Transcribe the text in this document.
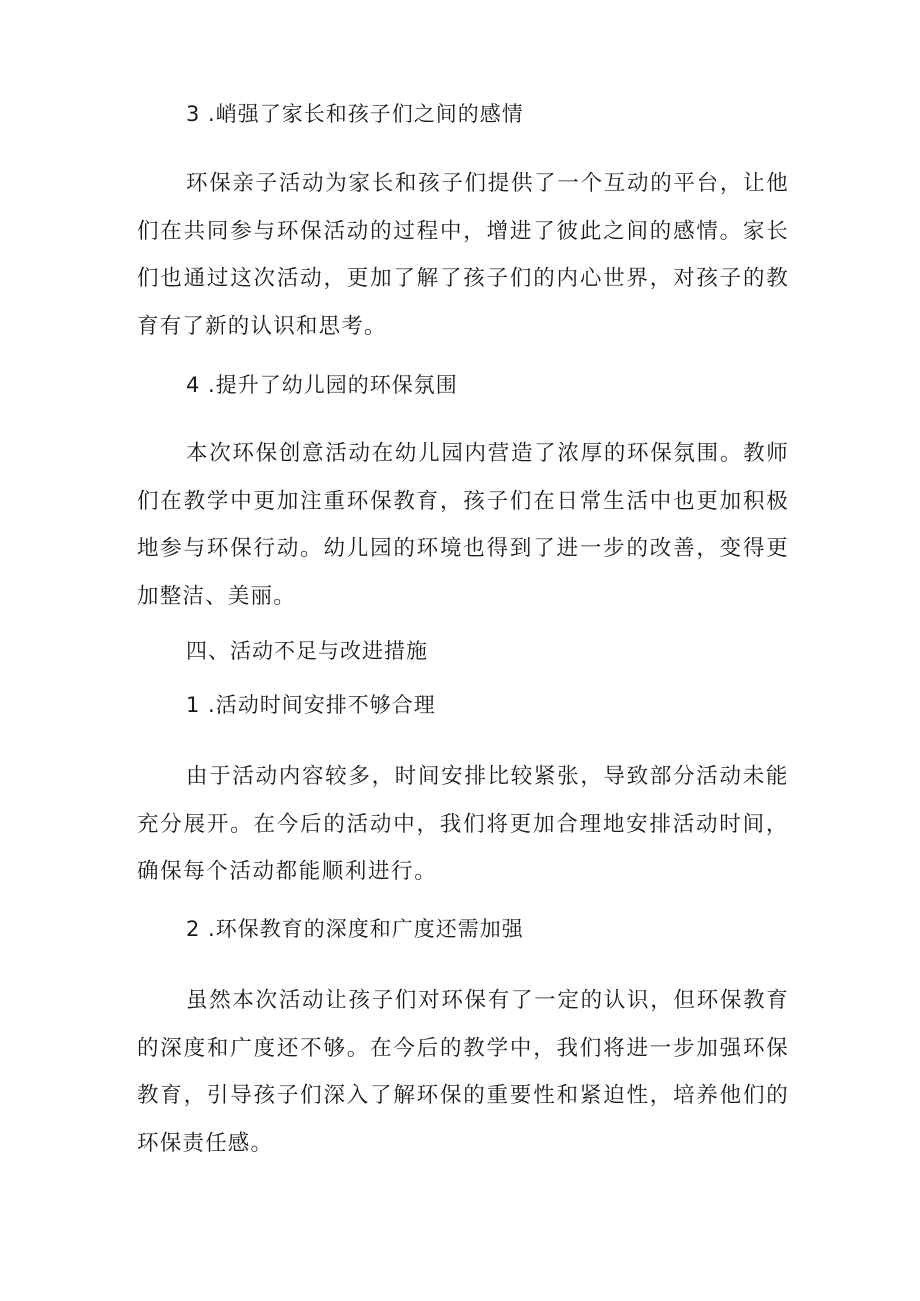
3 .峭强了家长和孩子们之间的感情
环保亲子活动为家长和孩子们提供了一个互动的平台，让他们在共同参与环保活动的过程中，增进了彼此之间的感情。家长们也通过这次活动，更加了解了孩子们的内心世界，对孩子的教育有了新的认识和思考。
4 .提升了幼儿园的环保氛围
本次环保创意活动在幼儿园内营造了浓厚的环保氛围。教师们在教学中更加注重环保教育，孩子们在日常生活中也更加积极地参与环保行动。幼儿园的环境也得到了进一步的改善，变得更加整洁、美丽。
四、活动不足与改进措施
1 .活动时间安排不够合理
由于活动内容较多，时间安排比较紧张，导致部分活动未能充分展开。在今后的活动中，我们将更加合理地安排活动时间，确保每个活动都能顺利进行。
2 .环保教育的深度和广度还需加强
虽然本次活动让孩子们对环保有了一定的认识，但环保教育的深度和广度还不够。在今后的教学中，我们将进一步加强环保教育，引导孩子们深入了解环保的重要性和紧迫性，培养他们的环保责任感。
